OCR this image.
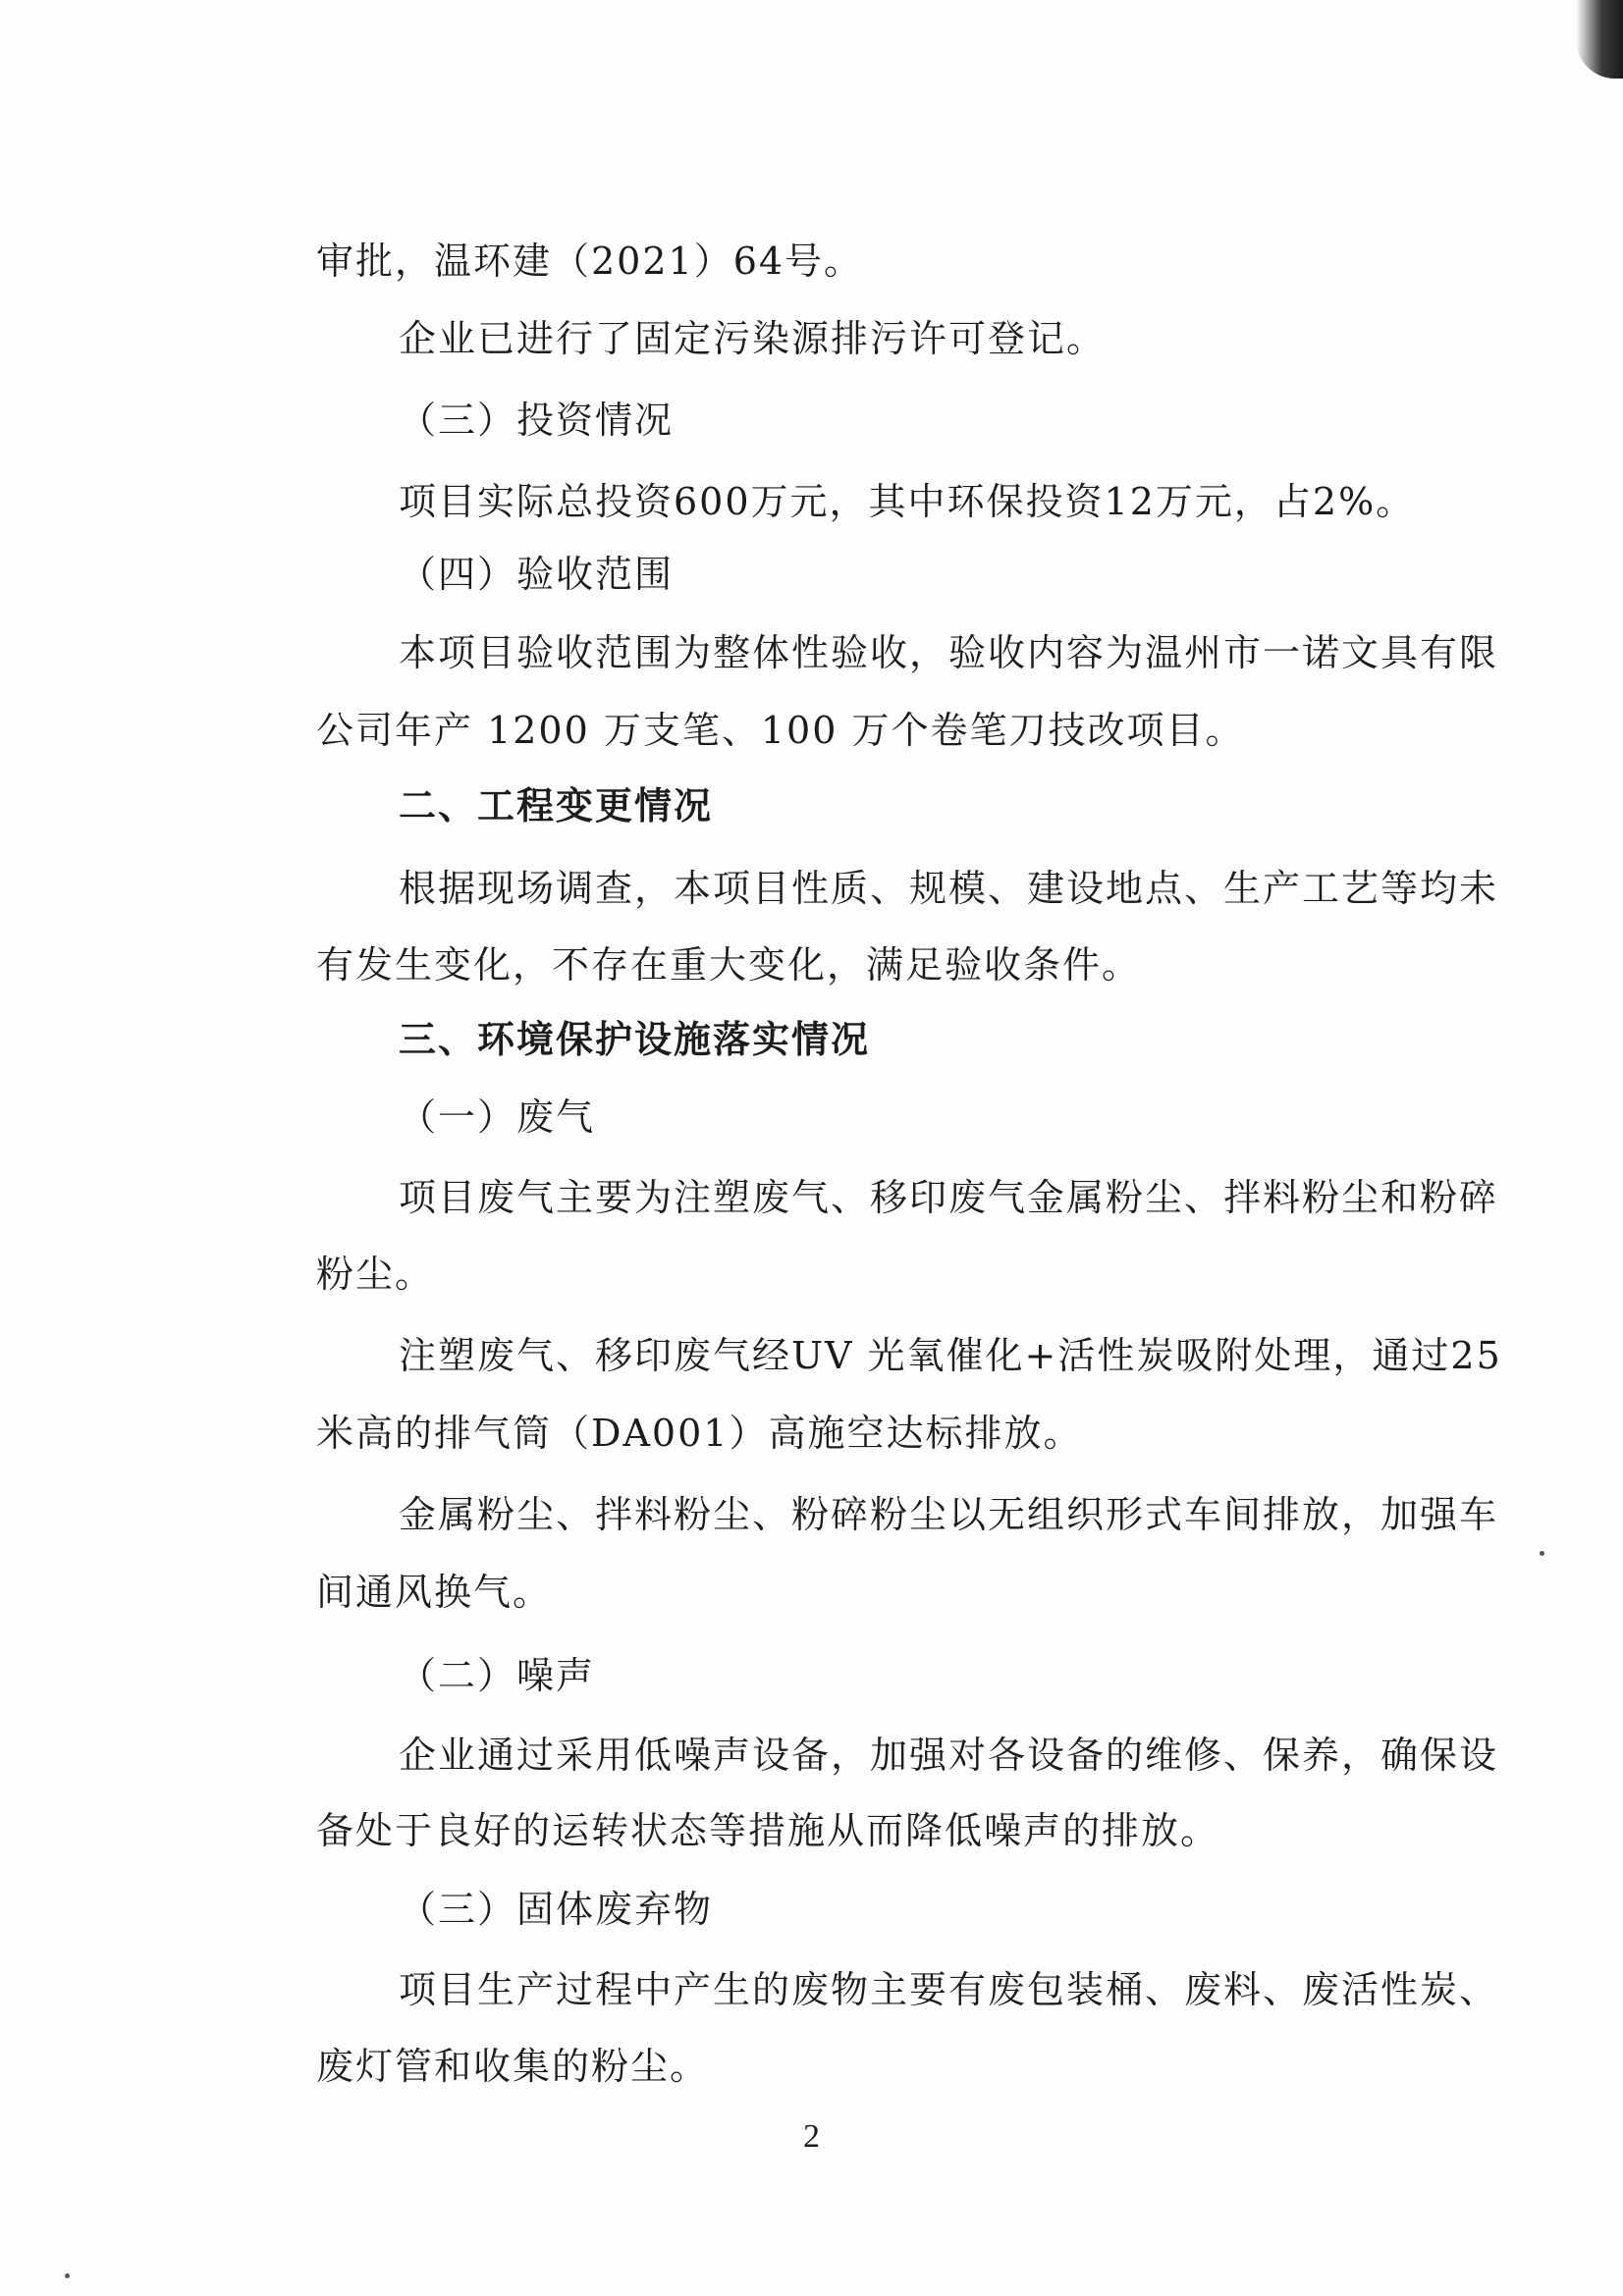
审批，温环建（2021）64号。
企业已进行了固定污染源排污许可登记。
（三）投资情况
项目实际总投资600万元，其中环保投资12万元，占2%。
（四）验收范围
本项目验收范围为整体性验收，验收内容为温州市一诺文具有限
公司年产 1200 万支笔、100 万个卷笔刀技改项目。
二、工程变更情况
根据现场调查，本项目性质、规模、建设地点、生产工艺等均未
有发生变化，不存在重大变化，满足验收条件。
三、环境保护设施落实情况
（一）废气
项目废气主要为注塑废气、移印废气金属粉尘、拌料粉尘和粉碎
粉尘。
注塑废气、移印废气经UV 光氧催化+活性炭吸附处理，通过25
米高的排气筒（DA001）高施空达标排放。
金属粉尘、拌料粉尘、粉碎粉尘以无组织形式车间排放，加强车
间通风换气。
（二）噪声
企业通过采用低噪声设备，加强对各设备的维修、保养，确保设
备处于良好的运转状态等措施从而降低噪声的排放。
（三）固体废弃物
项目生产过程中产生的废物主要有废包装桶、废料、废活性炭、
废灯管和收集的粉尘。
2
